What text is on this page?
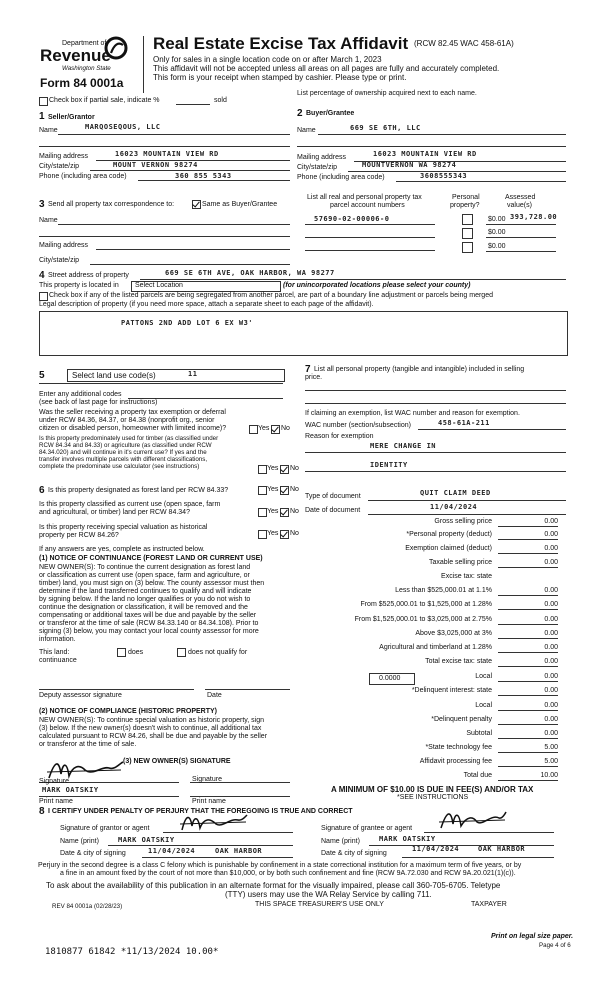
Department of
Revenue
Washington State
Form 84 0001a
Real Estate Excise Tax Affidavit (RCW 82.45 WAC 458-61A)
Only for sales in a single location code on or after March 1, 2023
This affidavit will not be accepted unless all areas on all pages are fully and accurately completed.
This form is your receipt when stamped by cashier. Please type or print.
Check box if partial sale, indicate %	sold
List percentage of ownership acquired next to each name.
1 Seller/Grantor
Name	MARQOSEQOUS, LLC
Mailing address	16023 MOUNTAIN VIEW RD
City/state/zip	MOUNT VERNON 98274
Phone (including area code)	360 855 5343
2 Buyer/Grantee
Name	669 SE 6TH, LLC
Mailing address	16023 MOUNTAIN VIEW RD
City/state/zip	MOUNTVERNON WA 98274
Phone (including area code)	3608555343
3 Send all property tax correspondence to:	Same as Buyer/Grantee
Name
Mailing address
City/state/zip
List all real and personal property tax
parcel account numbers
Personal
property?
Assessed
value(s)
57690-02-00006-0	$0.00 393,728.00
$0.00
$0.00
4 Street address of property	669 SE 6TH AVE, OAK HARBOR, WA 98277
This property is located in Select Location	(for unincorporated locations please select your county)
Check box if any of the listed parcels are being segregated from another parcel, are part of a boundary line adjustment or parcels being merged
Legal description of property (if you need more space, attach a separate sheet to each page of the affidavit).
PATTONS 2ND ADD LOT 6 EX W3'
5	Select land use code(s)	11
Enter any additional codes
(see back of last page for instructions)
Was the seller receiving a property tax exemption or deferral
under RCW 84.36, 84.37, or 84.38 (nonprofit org., senior
citizen or disabled person, homeowner with limited income)?	Yes No
Is this property predominately used for timber (as classified under
RCW 84.34 and 84.33) or agriculture (as classified under RCW
84.34.020) and will continue in it's current use? If yes and the
transfer involves multiple parcels with different classifications,
complete the predominate use calculator (see instructions)	Yes No
6 Is this property designated as forest land per RCW 84.33?	Yes No
Is this property classified as current use (open space, farm
and agricultural, or timber) land per RCW 84.34?	Yes No
Is this property receiving special valuation as historical
property per RCW 84.26?	Yes No
If any answers are yes, complete as instructed below.
(1) NOTICE OF CONTINUANCE (FOREST LAND OR CURRENT USE)
NEW OWNER(S): To continue the current designation as forest land
or classification as current use (open space, farm and agriculture, or
timber) land, you must sign on (3) below. The county assessor must then
determine if the land transferred continues to qualify and will indicate
by signing below. If the land no longer qualifies or you do not wish to
continue the designation or classification, it will be removed and the
compensating or additional taxes will be due and payable by the seller
or transferor at the time of sale (RCW 84.33.140 or 84.34.108). Prior to
signing (3) below, you may contact your local county assessor for more
information.
This land:	does	does not qualify for
continuance
Deputy assessor signature	Date
(2) NOTICE OF COMPLIANCE (HISTORIC PROPERTY)
NEW OWNER(S): To continue special valuation as historic property, sign
(3) below. If the new owner(s) doesn't wish to continue, all additional tax
calculated pursuant to RCW 84.26, shall be due and payable by the seller
or transferor at the time of sale.
(3) NEW OWNER(S) SIGNATURE
Signature	Signature
MARK OATSKIY
Print name	Print name
7 List all personal property (tangible and intangible) included in selling
price.
If claiming an exemption, list WAC number and reason for exemption.
WAC number (section/subsection)	458-61A-211
Reason for exemption
MERE CHANGE IN
IDENTITY
Type of document	QUIT CLAIM DEED
Date of document	11/04/2024
Gross selling price	0.00
*Personal property (deduct)	0.00
Exemption claimed (deduct)	0.00
Taxable selling price	0.00
Excise tax: state
Less than $525,000.01 at 1.1%	0.00
From $525,000.01 to $1,525,000 at 1.28%	0.00
From $1,525,000.01 to $3,025,000 at 2.75%	0.00
Above $3,025,000 at 3%	0.00
Agricultural and timberland at 1.28%	0.00
Total excise tax: state	0.00
Local	0.00
*Delinquent interest: state	0.00
Local	0.00
*Delinquent penalty	0.00
Subtotal	0.00
*State technology fee	5.00
Affidavit processing fee	5.00
Total due	10.00
0.0000
A MINIMUM OF $10.00 IS DUE IN FEE(S) AND/OR TAX
*SEE INSTRUCTIONS
8 I CERTIFY UNDER PENALTY OF PERJURY THAT THE FOREGOING IS TRUE AND CORRECT
Signature of grantor or agent
Name (print)	MARK OATSKIY
Date & city of signing	11/04/2024	OAK HARBOR
Signature of grantee or agent
Name (print)	MARK OATSKIY
Date & city of signing
11/04/2024	OAK HARBOR
Perjury in the second degree is a class C felony which is punishable by confinement in a state correctional institution for a maximum term of five years, or by
a fine in an amount fixed by the court of not more than $10,000, or by both such confinement and fine (RCW 9A.72.030 and RCW 9A.20.021(1)(c)).
To ask about the availability of this publication in an alternate format for the visually impaired, please call 360-705-6705. Teletype
(TTY) users may use the WA Relay Service by calling 711.
REV 84 0001a (02/28/23)	THIS SPACE TREASURER'S USE ONLY	TAXPAYER
Print on legal size paper.
Page 4 of 6
1810877 61842 *11/13/2024 10.00*
